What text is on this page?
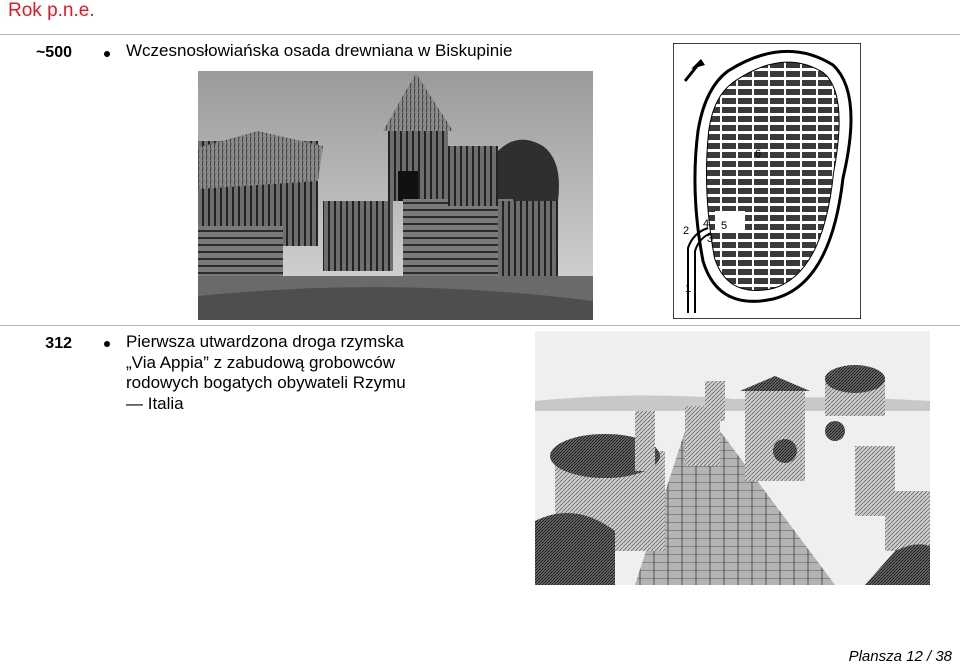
Rok p.n.e.
~500	Wczesnosłowiańska osada drewniana w Biskupinie
1
2
3
4 5
6
312	Pierwsza utwardzona droga rzymska
„Via Appia” z zabudową grobowców
rodowych bogatych obywateli Rzymu
— Italia
Plansza 12 / 38
